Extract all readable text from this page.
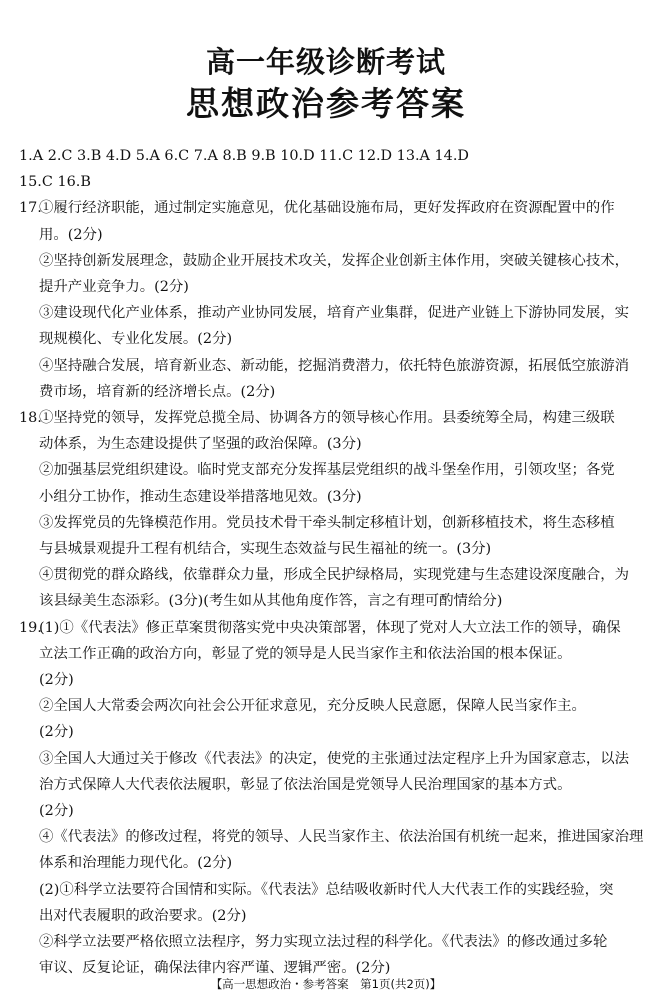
高一年级诊断考试
思想政治参考答案
1.A 2.C 3.B 4.D 5.A 6.C 7.A 8.B 9.B 10.D 11.C 12.D 13.A 14.D
15.C 16.B
17.
①履行经济职能，通过制定实施意见，优化基础设施布局，更好发挥政府在资源配置中的作
用。(2分)
②坚持创新发展理念，鼓励企业开展技术攻关，发挥企业创新主体作用，突破关键核心技术，
提升产业竞争力。(2分)
③建设现代化产业体系，推动产业协同发展，培育产业集群，促进产业链上下游协同发展，实
现规模化、专业化发展。(2分)
④坚持融合发展，培育新业态、新动能，挖掘消费潜力，依托特色旅游资源，拓展低空旅游消
费市场，培育新的经济增长点。(2分)
18.
①坚持党的领导，发挥党总揽全局、协调各方的领导核心作用。县委统筹全局，构建三级联
动体系，为生态建设提供了坚强的政治保障。(3分)
②加强基层党组织建设。临时党支部充分发挥基层党组织的战斗堡垒作用，引领攻坚；各党
小组分工协作，推动生态建设举措落地见效。(3分)
③发挥党员的先锋模范作用。党员技术骨干牵头制定移植计划，创新移植技术，将生态移植
与县城景观提升工程有机结合，实现生态效益与民生福祉的统一。(3分)
④贯彻党的群众路线，依靠群众力量，形成全民护绿格局，实现党建与生态建设深度融合，为
该县绿美生态添彩。(3分)(考生如从其他角度作答，言之有理可酌情给分)
19.
(1)①《代表法》修正草案贯彻落实党中央决策部署，体现了党对人大立法工作的领导，确保
立法工作正确的政治方向，彰显了党的领导是人民当家作主和依法治国的根本保证。
(2分)
②全国人大常委会两次向社会公开征求意见，充分反映人民意愿，保障人民当家作主。
(2分)
③全国人大通过关于修改《代表法》的决定，使党的主张通过法定程序上升为国家意志，以法
治方式保障人大代表依法履职，彰显了依法治国是党领导人民治理国家的基本方式。
(2分)
④《代表法》的修改过程，将党的领导、人民当家作主、依法治国有机统一起来，推进国家治理
体系和治理能力现代化。(2分)
(2)①科学立法要符合国情和实际。《代表法》总结吸收新时代人大代表工作的实践经验，突
出对代表履职的政治要求。(2分)
②科学立法要严格依照立法程序，努力实现立法过程的科学化。《代表法》的修改通过多轮
审议、反复论证，确保法律内容严谨、逻辑严密。(2分)
【高一思想政治・参考答案　第1页(共2页)】
